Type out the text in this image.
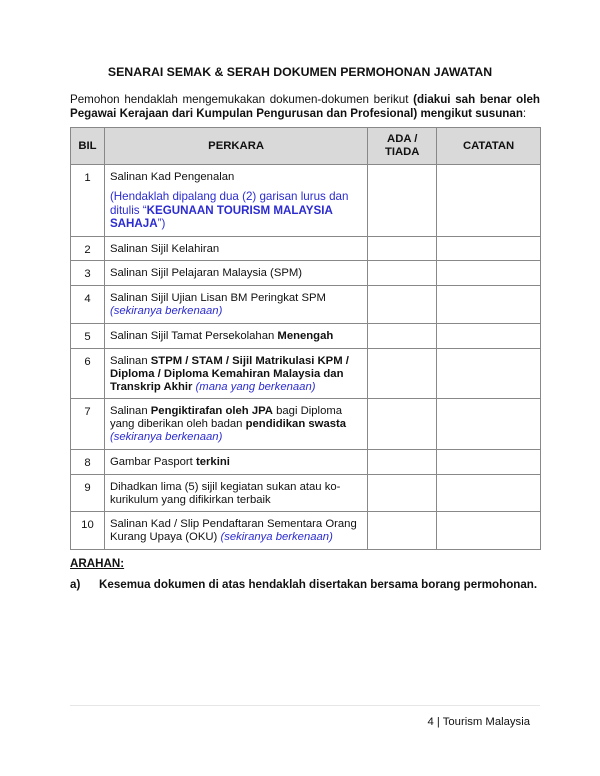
SENARAI SEMAK & SERAH DOKUMEN PERMOHONAN JAWATAN
Pemohon hendaklah mengemukakan dokumen-dokumen berikut (diakui sah benar oleh Pegawai Kerajaan dari Kumpulan Pengurusan dan Profesional) mengikut susunan:
BIL	PERKARA	ADA / TIADA	CATATAN
1	Salinan Kad Pengenalan
(Hendaklah dipalang dua (2) garisan lurus dan ditulis “KEGUNAAN TOURISM MALAYSIA SAHAJA”)		

2	Salinan Sijil Kelahiran		
3	Salinan Sijil Pelajaran Malaysia (SPM)		
4	Salinan Sijil Ujian Lisan BM Peringkat SPM (sekiranya berkenaan)		
5	Salinan Sijil Tamat Persekolahan Menengah		
6	Salinan STPM / STAM / Sijil Matrikulasi KPM / Diploma / Diploma Kemahiran Malaysia dan Transkrip Akhir (mana yang berkenaan)		
7	Salinan Pengiktirafan oleh JPA bagi Diploma yang diberikan oleh badan pendidikan swasta (sekiranya berkenaan)		
8	Gambar Pasport terkini		
9	Dihadkan lima (5) sijil kegiatan sukan atau ko-kurikulum yang difikirkan terbaik		
10	Salinan Kad / Slip Pendaftaran Sementara Orang Kurang Upaya (OKU) (sekiranya berkenaan)		
ARAHAN:
a) Kesemua dokumen di atas hendaklah disertakan bersama borang permohonan.
4 | Tourism Malaysia
